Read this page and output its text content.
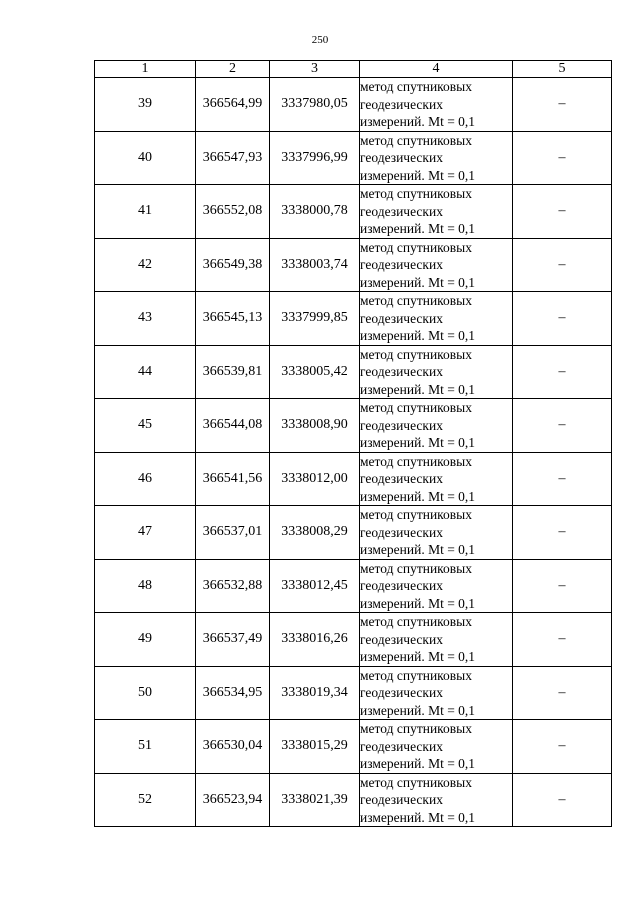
250
1	2	3	4	5
39	366564,99	3337980,05	метод спутниковых
геодезических
измерений. Mt = 0,1	–
40	366547,93	3337996,99	метод спутниковых
геодезических
измерений. Mt = 0,1	–
41	366552,08	3338000,78	метод спутниковых
геодезических
измерений. Mt = 0,1	–
42	366549,38	3338003,74	метод спутниковых
геодезических
измерений. Mt = 0,1	–
43	366545,13	3337999,85	метод спутниковых
геодезических
измерений. Mt = 0,1	–
44	366539,81	3338005,42	метод спутниковых
геодезических
измерений. Mt = 0,1	–
45	366544,08	3338008,90	метод спутниковых
геодезических
измерений. Mt = 0,1	–
46	366541,56	3338012,00	метод спутниковых
геодезических
измерений. Mt = 0,1	–
47	366537,01	3338008,29	метод спутниковых
геодезических
измерений. Mt = 0,1	–
48	366532,88	3338012,45	метод спутниковых
геодезических
измерений. Mt = 0,1	–
49	366537,49	3338016,26	метод спутниковых
геодезических
измерений. Mt = 0,1	–
50	366534,95	3338019,34	метод спутниковых
геодезических
измерений. Mt = 0,1	–
51	366530,04	3338015,29	метод спутниковых
геодезических
измерений. Mt = 0,1	–
52	366523,94	3338021,39	метод спутниковых
геодезических
измерений. Mt = 0,1	–
